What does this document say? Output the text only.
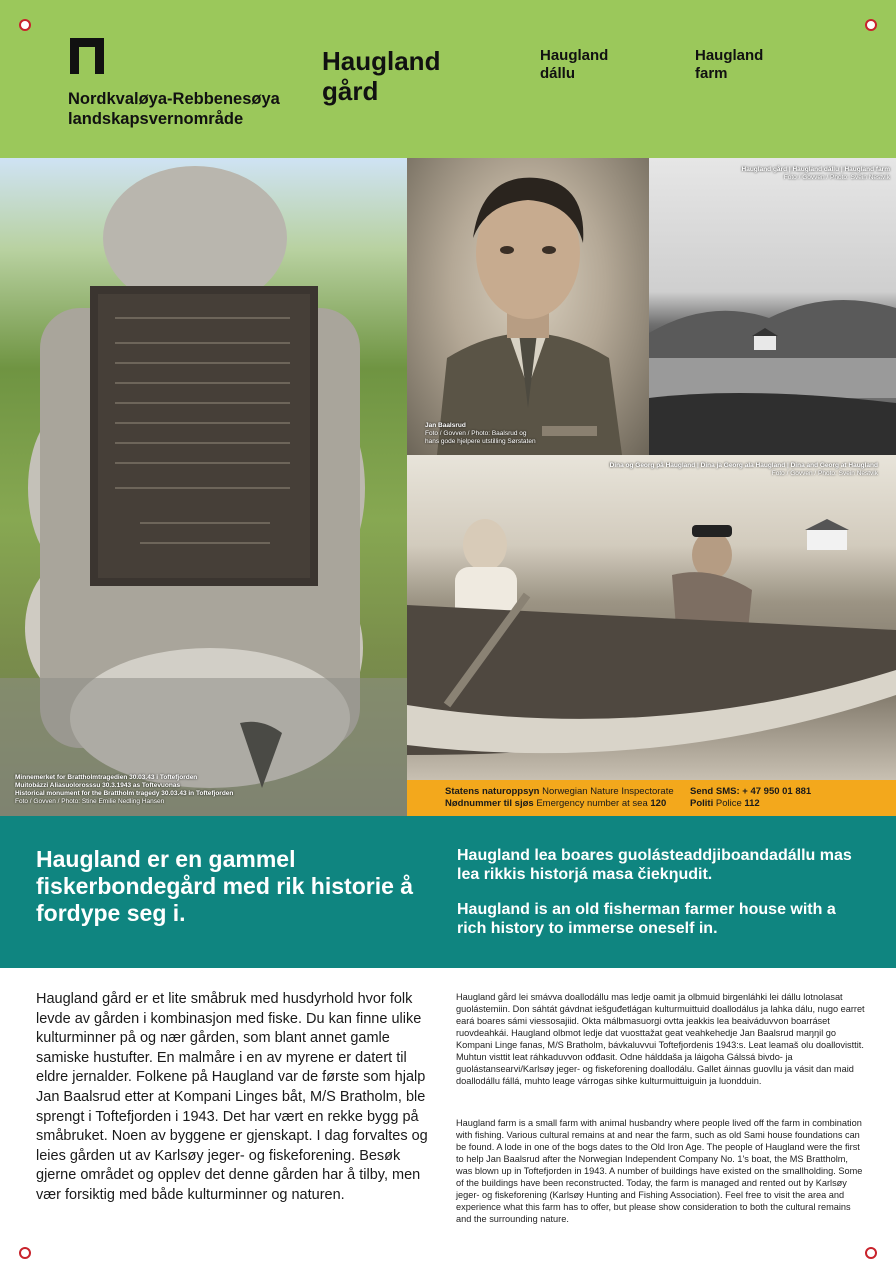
Nordkvaløya-Rebbenesøya
landskapsvernområde
Haugland
gård
Haugland
dállu
Haugland
farm
Minnemerket for Brattholmtragedien 30.03.43 i Toftefjorden
Muitobázzi Aliasuolorosssu 30.3.1943 as Toftevuonas
Historical monument for the Brattholm tragedy 30.03.43 in Toftefjorden
Foto / Govven / Photo: Stine Emilie Nedling Hansen
Jan Baalsrud
Foto / Govven / Photo: Baalsrud og
hans gode hjelpere utstilling Sørstaten
Haugland gård | Haugland dállu | Haugland farm
Foto / Govven / Photo: Svein Nestvik
Dina og Georg på Haugland | Dina ja Georg ala Haugland | Dina and Georg at Haugland
Foto / Govven / Photo: Svein Nestvik
Statens naturoppsyn Norwegian Nature Inspectorate
Nødnummer til sjøs Emergency number at sea 120
Send SMS: + 47 950 01 881
Politi Police 112
Haugland er en gammel fiskerbondegård med rik historie å fordype seg i.
Haugland lea boares guolásteaddjiboandadállu mas lea rikkis historjá masa čiekŋudit.
Haugland is an old fisherman farmer house with a rich history to immerse oneself in.
Haugland gård er et lite småbruk med husdyrhold hvor folk levde av gården i kombinasjon med fiske. Du kan finne ulike kulturminner på og nær gården, som blant annet gamle samiske hustufter. En malmåre i en av myrene er datert til eldre jernalder. Folkene på Haugland var de første som hjalp Jan Baalsrud etter at Kompani Linges båt, M/S Bratholm, ble sprengt i Toftefjorden i 1943. Det har vært en rekke bygg på småbruket. Noen av byggene er gjenskapt. I dag forvaltes og leies gården ut av Karlsøy jeger- og fiskeforening. Besøk gjerne området og opplev det denne gården har å tilby, men vær forsiktig med både kulturminner og naturen.
Haugland gård lei smávva doallodállu mas ledje oamit ja olbmuid birgenláhki lei dállu lotnolasat guolástemiin. Don sáhtát gávdnat iešguđetlágan kulturmuittuid doallodálus ja lahka dálu, nugo earret eará boares sámi viessosajiid. Okta málbmasuorgi ovtta jeakkis lea beaiváduvvon boarráset ruovdeahkái. Haugland olbmot ledje dat vuosttažat geat veahkehedje Jan Baalsrud maŋŋil go Kompani Linge fanas, M/S Bratholm, bávkaluvvui Toftefjordenis 1943:s. Leat leamaš olu doallovisttit. Muhtun visttit leat ráhkaduvvon ođđasit. Odne hálddaša ja láigoha Gálssá bivdo- ja guolástansearvi/Karlsøy jeger- og fiskeforening doallodálu. Gallet áinnas guovllu ja vásit dan maid doallodállu fállá, muhto leage várrogas sihke kulturmuittuiguin ja luondduin.
Haugland farm is a small farm with animal husbandry where people lived off the farm in combination with fishing. Various cultural remains at and near the farm, such as old Sami house foundations can be found. A lode in one of the bogs dates to the Old Iron Age. The people of Haugland were the first to help Jan Baalsrud after the Norwegian Independent Company No. 1's boat, the MS Brattholm, was blown up in Toftefjorden in 1943. A number of buildings have existed on the smallholding. Some of the buildings have been reconstructed. Today, the farm is managed and rented out by Karlsøy jeger- og fiskeforening (Karlsøy Hunting and Fishing Association). Feel free to visit the area and experience what this farm has to offer, but please show consideration to both the cultural remains and the surrounding nature.
